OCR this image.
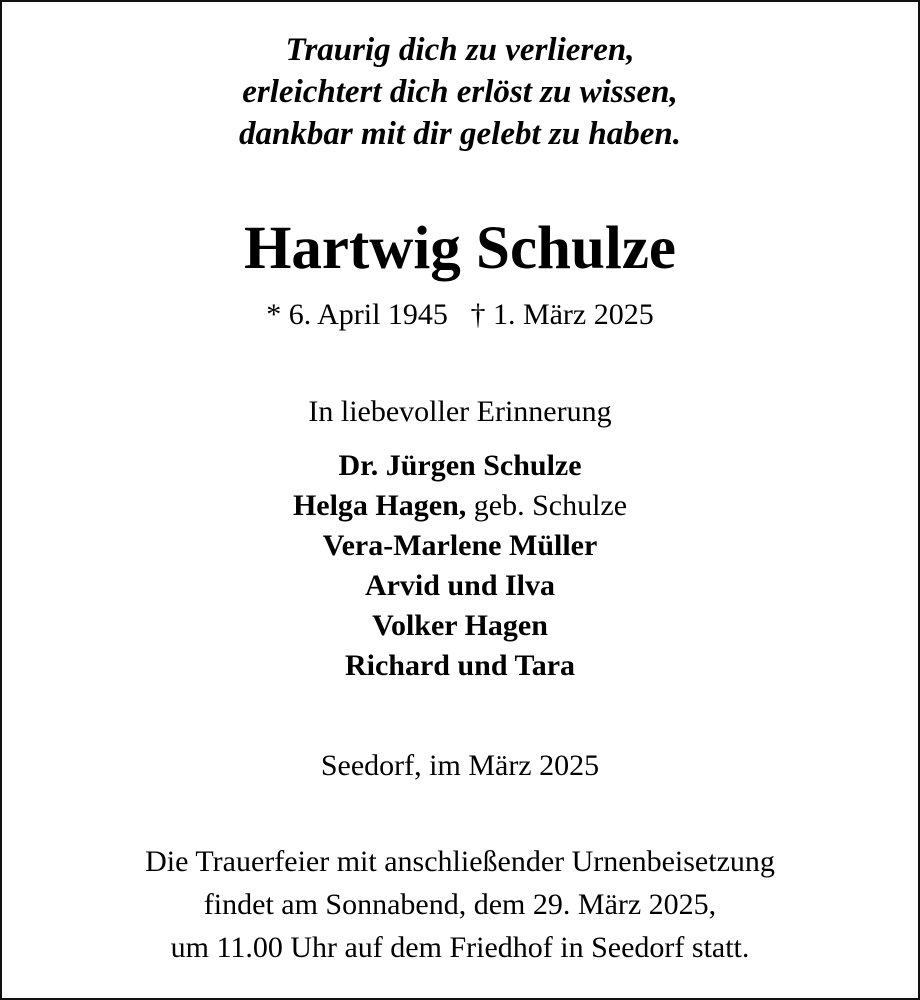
Traurig dich zu verlieren,
erleichtert dich erlöst zu wissen,
dankbar mit dir gelebt zu haben.
Hartwig Schulze
* 6. April 1945 † 1. März 2025
In liebevoller Erinnerung
Dr. Jürgen Schulze
Helga Hagen, geb. Schulze
Vera-Marlene Müller
Arvid und Ilva
Volker Hagen
Richard und Tara
Seedorf, im März 2025
Die Trauerfeier mit anschließender Urnenbeisetzung
findet am Sonnabend, dem 29. März 2025,
um 11.00 Uhr auf dem Friedhof in Seedorf statt.
